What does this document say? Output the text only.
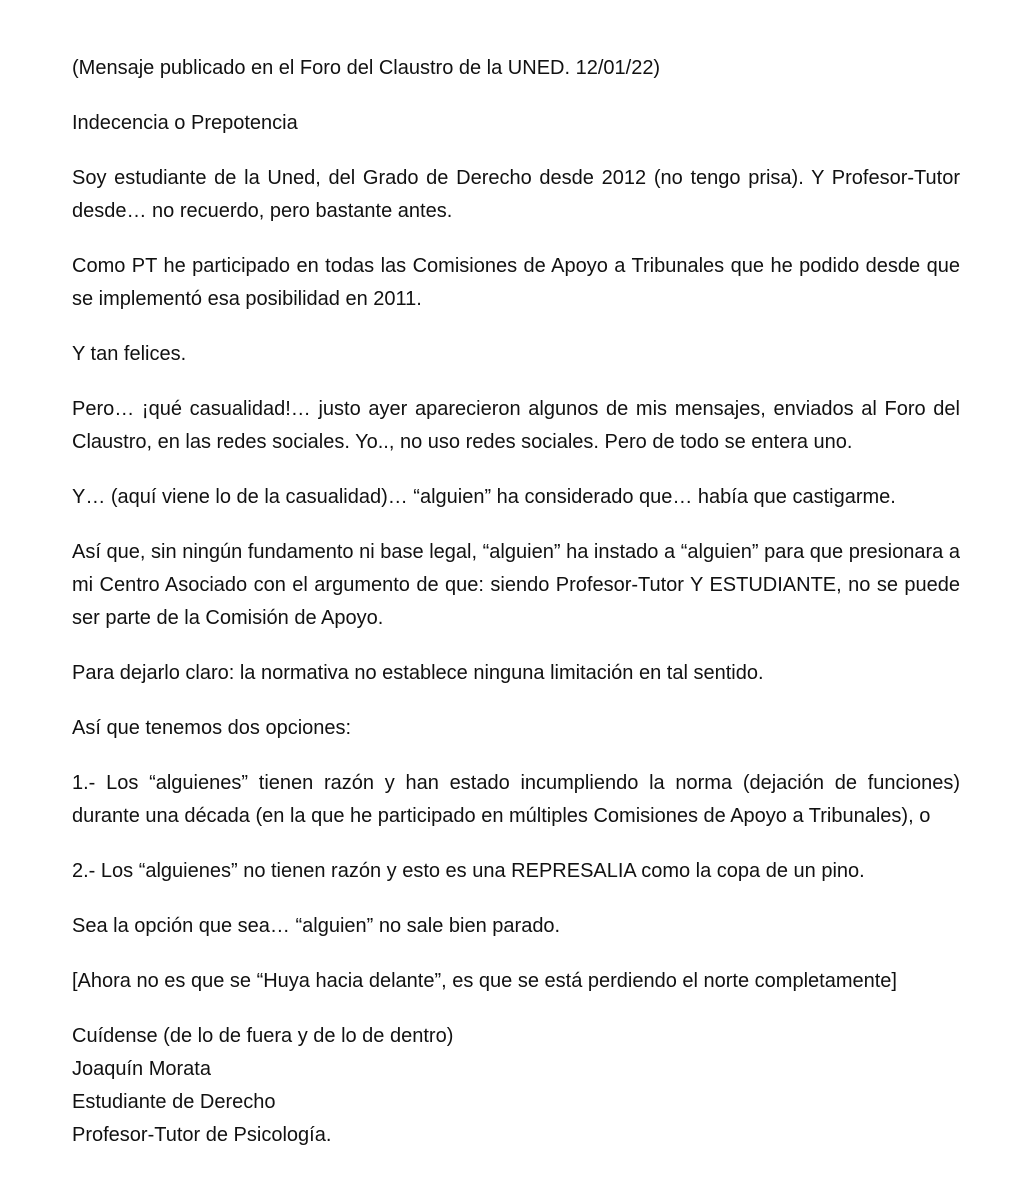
(Mensaje publicado en el Foro del Claustro de la UNED. 12/01/22)

Indecencia o Prepotencia

Soy estudiante de la Uned, del Grado de Derecho desde 2012 (no tengo prisa). Y Profesor-Tutor desde… no recuerdo, pero bastante antes.

Como PT he participado en todas las Comisiones de Apoyo a Tribunales que he podido desde que se implementó esa posibilidad en 2011.

Y tan felices.

Pero… ¡qué casualidad!… justo ayer aparecieron algunos de mis mensajes, enviados al Foro del Claustro, en las redes sociales. Yo.., no uso redes sociales. Pero de todo se entera uno.

Y… (aquí viene lo de la casualidad)… “alguien” ha considerado que… había que castigarme.

Así que, sin ningún fundamento ni base legal, “alguien” ha instado a “alguien” para que presionara a mi Centro Asociado con el argumento de que: siendo Profesor-Tutor Y ESTUDIANTE, no se puede ser parte de la Comisión de Apoyo.

Para dejarlo claro: la normativa no establece ninguna limitación en tal sentido.

Así que tenemos dos opciones:

1.- Los “alguienes” tienen razón y han estado incumpliendo la norma (dejación de funciones) durante una década (en la que he participado en múltiples Comisiones de Apoyo a Tribunales), o

2.- Los “alguienes” no tienen razón y esto es una REPRESALIA como la copa de un pino.

Sea la opción que sea… “alguien” no sale bien parado.

[Ahora no es que se “Huya hacia delante”, es que se está perdiendo el norte completamente]

Cuídense (de lo de fuera y de lo de dentro)
Joaquín Morata
Estudiante de Derecho
Profesor-Tutor de Psicología.
